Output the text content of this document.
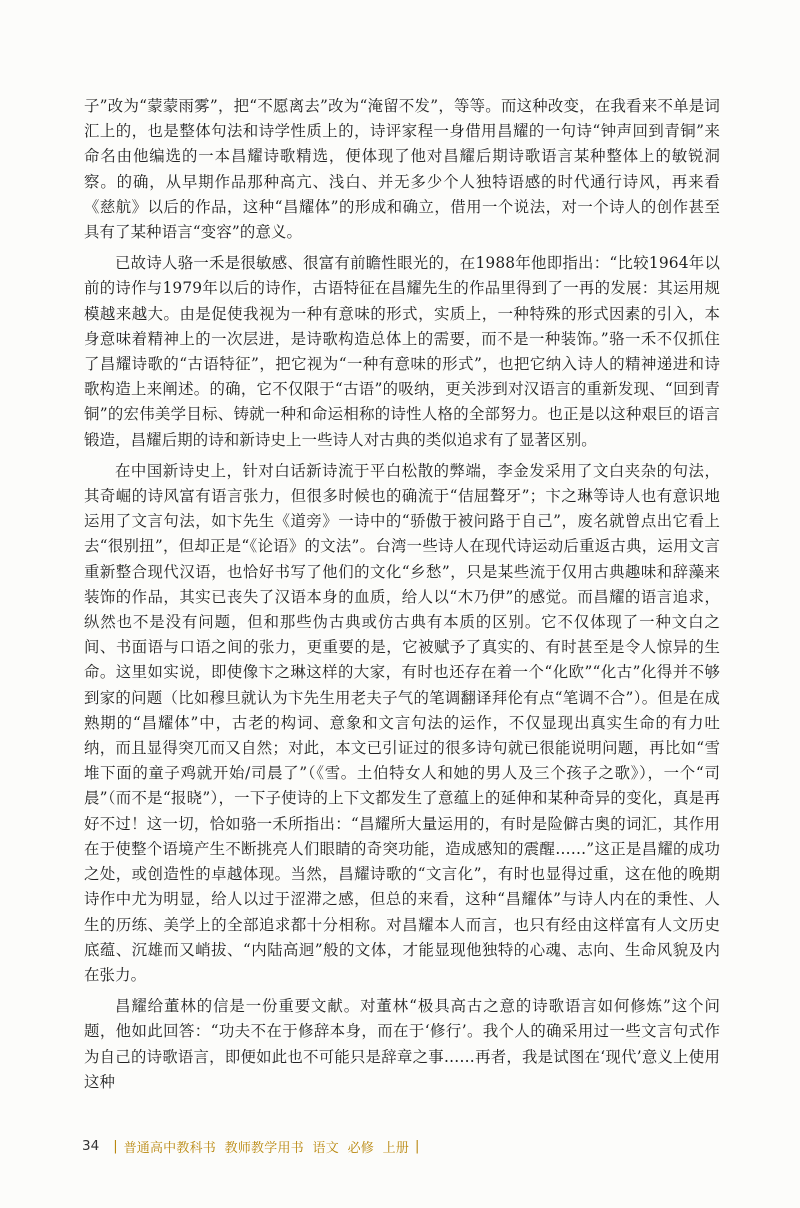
子”改为“蒙蒙雨雾”，把“不愿离去”改为“淹留不发”，等等。而这种改变，在我看来不单是词汇上的，也是整体句法和诗学性质上的，诗评家程一身借用昌耀的一句诗“钟声回到青铜”来命名由他编选的一本昌耀诗歌精选，便体现了他对昌耀后期诗歌语言某种整体上的敏锐洞察。的确，从早期作品那种高亢、浅白、并无多少个人独特语感的时代通行诗风，再来看《慈航》以后的作品，这种“昌耀体”的形成和确立，借用一个说法，对一个诗人的创作甚至具有了某种语言“变容”的意义。

已故诗人骆一禾是很敏感、很富有前瞻性眼光的，在1988年他即指出：“比较1964年以前的诗作与1979年以后的诗作，古语特征在昌耀先生的作品里得到了一再的发展：其运用规模越来越大。由是促使我视为一种有意味的形式，实质上，一种特殊的形式因素的引入，本身意味着精神上的一次层进，是诗歌构造总体上的需要，而不是一种装饰。”骆一禾不仅抓住了昌耀诗歌的“古语特征”，把它视为“一种有意味的形式”，也把它纳入诗人的精神递进和诗歌构造上来阐述。的确，它不仅限于“古语”的吸纳，更关涉到对汉语言的重新发现、“回到青铜”的宏伟美学目标、铸就一种和命运相称的诗性人格的全部努力。也正是以这种艰巨的语言锻造，昌耀后期的诗和新诗史上一些诗人对古典的类似追求有了显著区别。

在中国新诗史上，针对白话新诗流于平白松散的弊端，李金发采用了文白夹杂的句法，其奇崛的诗风富有语言张力，但很多时候也的确流于“佶屈聱牙”；卞之琳等诗人也有意识地运用了文言句法，如卞先生《道旁》一诗中的“骄傲于被问路于自己”，废名就曾点出它看上去“很别扭”，但却正是“《论语》的文法”。台湾一些诗人在现代诗运动后重返古典，运用文言重新整合现代汉语，也恰好书写了他们的文化“乡愁”，只是某些流于仅用古典趣味和辞藻来装饰的作品，其实已丧失了汉语本身的血质，给人以“木乃伊”的感觉。而昌耀的语言追求，纵然也不是没有问题，但和那些伪古典或仿古典有本质的区别。它不仅体现了一种文白之间、书面语与口语之间的张力，更重要的是，它被赋予了真实的、有时甚至是令人惊异的生命。这里如实说，即使像卞之琳这样的大家，有时也还存在着一个“化欧”“化古”化得并不够到家的问题（比如穆旦就认为卞先生用老夫子气的笔调翻译拜伦有点“笔调不合”）。但是在成熟期的“昌耀体”中，古老的构词、意象和文言句法的运作，不仅显现出真实生命的有力吐纳，而且显得突兀而又自然；对此，本文已引证过的很多诗句就已很能说明问题，再比如“雪堆下面的童子鸡就开始/司晨了”（《雪。土伯特女人和她的男人及三个孩子之歌》），一个“司晨”（而不是“报晓”），一下子使诗的上下文都发生了意蕴上的延伸和某种奇异的变化，真是再好不过！这一切，恰如骆一禾所指出：“昌耀所大量运用的，有时是险僻古奥的词汇，其作用在于使整个语境产生不断挑亮人们眼睛的奇突功能，造成感知的震醒……”这正是昌耀的成功之处，或创造性的卓越体现。当然，昌耀诗歌的“文言化”，有时也显得过重，这在他的晚期诗作中尤为明显，给人以过于涩滞之感，但总的来看，这种“昌耀体”与诗人内在的秉性、人生的历练、美学上的全部追求都十分相称。对昌耀本人而言，也只有经由这样富有人文历史底蕴、沉雄而又峭拔、“内陆高迥”般的文体，才能显现他独特的心魂、志向、生命风貌及内在张力。

昌耀给董林的信是一份重要文献。对董林“极具高古之意的诗歌语言如何修炼”这个问题，他如此回答：“功夫不在于修辞本身，而在于‘修行’。我个人的确采用过一些文言句式作为自己的诗歌语言，即便如此也不可能只是辞章之事……再者，我是试图在‘现代’意义上使用这种

34 | 普通高中教科书  教师教学用书  语文  必修  上册 |
